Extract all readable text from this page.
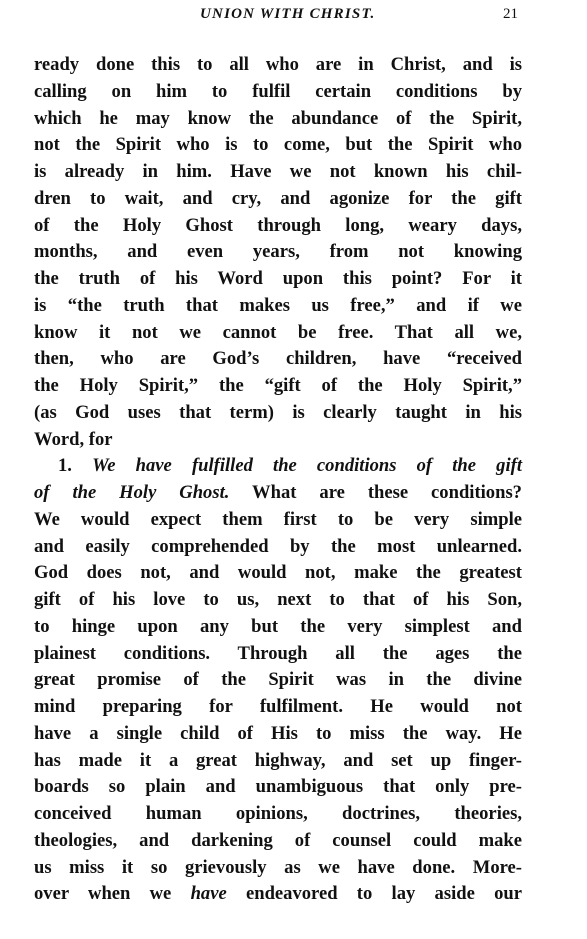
UNION WITH CHRIST.	21
ready done this to all who are in Christ, and is
calling on him to fulfil certain conditions by
which he may know the abundance of the Spirit,
not the Spirit who is to come, but the Spirit who
is already in him. Have we not known his chil-
dren to wait, and cry, and agonize for the gift
of the Holy Ghost through long, weary days,
months, and even years, from not knowing
the truth of his Word upon this point? For it
is “the truth that makes us free,” and if we
know it not we cannot be free. That all we,
then, who are God’s children, have “received
the Holy Spirit,” the “gift of the Holy Spirit,”
(as God uses that term) is clearly taught in his
Word, for
1. We have fulfilled the conditions of the gift
of the Holy Ghost. What are these conditions?
We would expect them first to be very simple
and easily comprehended by the most unlearned.
God does not, and would not, make the greatest
gift of his love to us, next to that of his Son,
to hinge upon any but the very simplest and
plainest conditions. Through all the ages the
great promise of the Spirit was in the divine
mind preparing for fulfilment. He would not
have a single child of His to miss the way. He
has made it a great highway, and set up finger-
boards so plain and unambiguous that only pre-
conceived human opinions, doctrines, theories,
theologies, and darkening of counsel could make
us miss it so grievously as we have done. More-
over when we have endeavored to lay aside our
